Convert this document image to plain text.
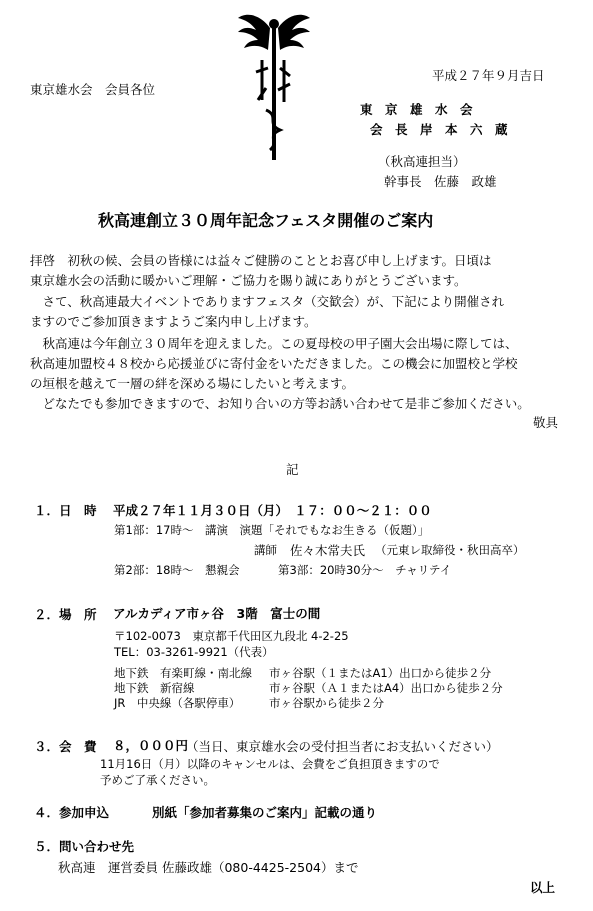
平成２７年９月吉日
東京雄水会　会員各位
東　京　雄　水　会
会　長　岸　本　六　蔵
（秋高連担当）
幹事長　佐藤　政雄
秋高連創立３０周年記念フェスタ開催のご案内
拝啓　初秋の候、会員の皆様には益々ご健勝のこととお喜び申し上げます。日頃は
東京雄水会の活動に暖かいご理解・ご協力を賜り誠にありがとうございます。
　さて、秋高連最大イベントでありますフェスタ（交歓会）が、下記により開催され
ますのでご参加頂きますようご案内申し上げます。
　秋高連は今年創立３０周年を迎えました。この夏母校の甲子園大会出場に際しては、
秋高連加盟校４８校から応援並びに寄付金をいただきました。この機会に加盟校と学校
の垣根を越えて一層の絆を深める場にしたいと考えます。
　どなたでも参加できますので、お知り合いの方等お誘い合わせて是非ご参加ください。
敬具
記
１．日　時 平成２７年１１月３０日（月）　１７：００〜２１：００
第1部：17時〜　講演　演題「それでもなお生きる（仮題）」
講師 佐々木常夫氏 （元東レ取締役・秋田高卒）
第2部：18時〜　懇親会	第3部：20時30分〜　チャリテイ
２．場　所 アルカディア市ヶ谷　3階　富士の間
〒102-0073　東京都千代田区九段北 4-2-25
TEL：03-3261-9921（代表）
地下鉄　有楽町線・南北線 市ヶ谷駅（１またはA1）出口から徒歩２分
地下鉄　新宿線	市ヶ谷駅（Ａ１またはA4）出口から徒歩２分
JR　中央線（各駅停車） 市ヶ谷駅から徒歩２分
３．会　費 ８，０００円
（当日、東京雄水会の受付担当者にお支払いください）
11月16日（月）以降のキャンセルは、会費をご負担頂きますので
予めご了承ください。
４．参加申込	別紙「参加者募集のご案内」記載の通り
５．問い合わせ先
秋高連　運営委員 佐藤政雄（080-4425-2504）まで
以上
